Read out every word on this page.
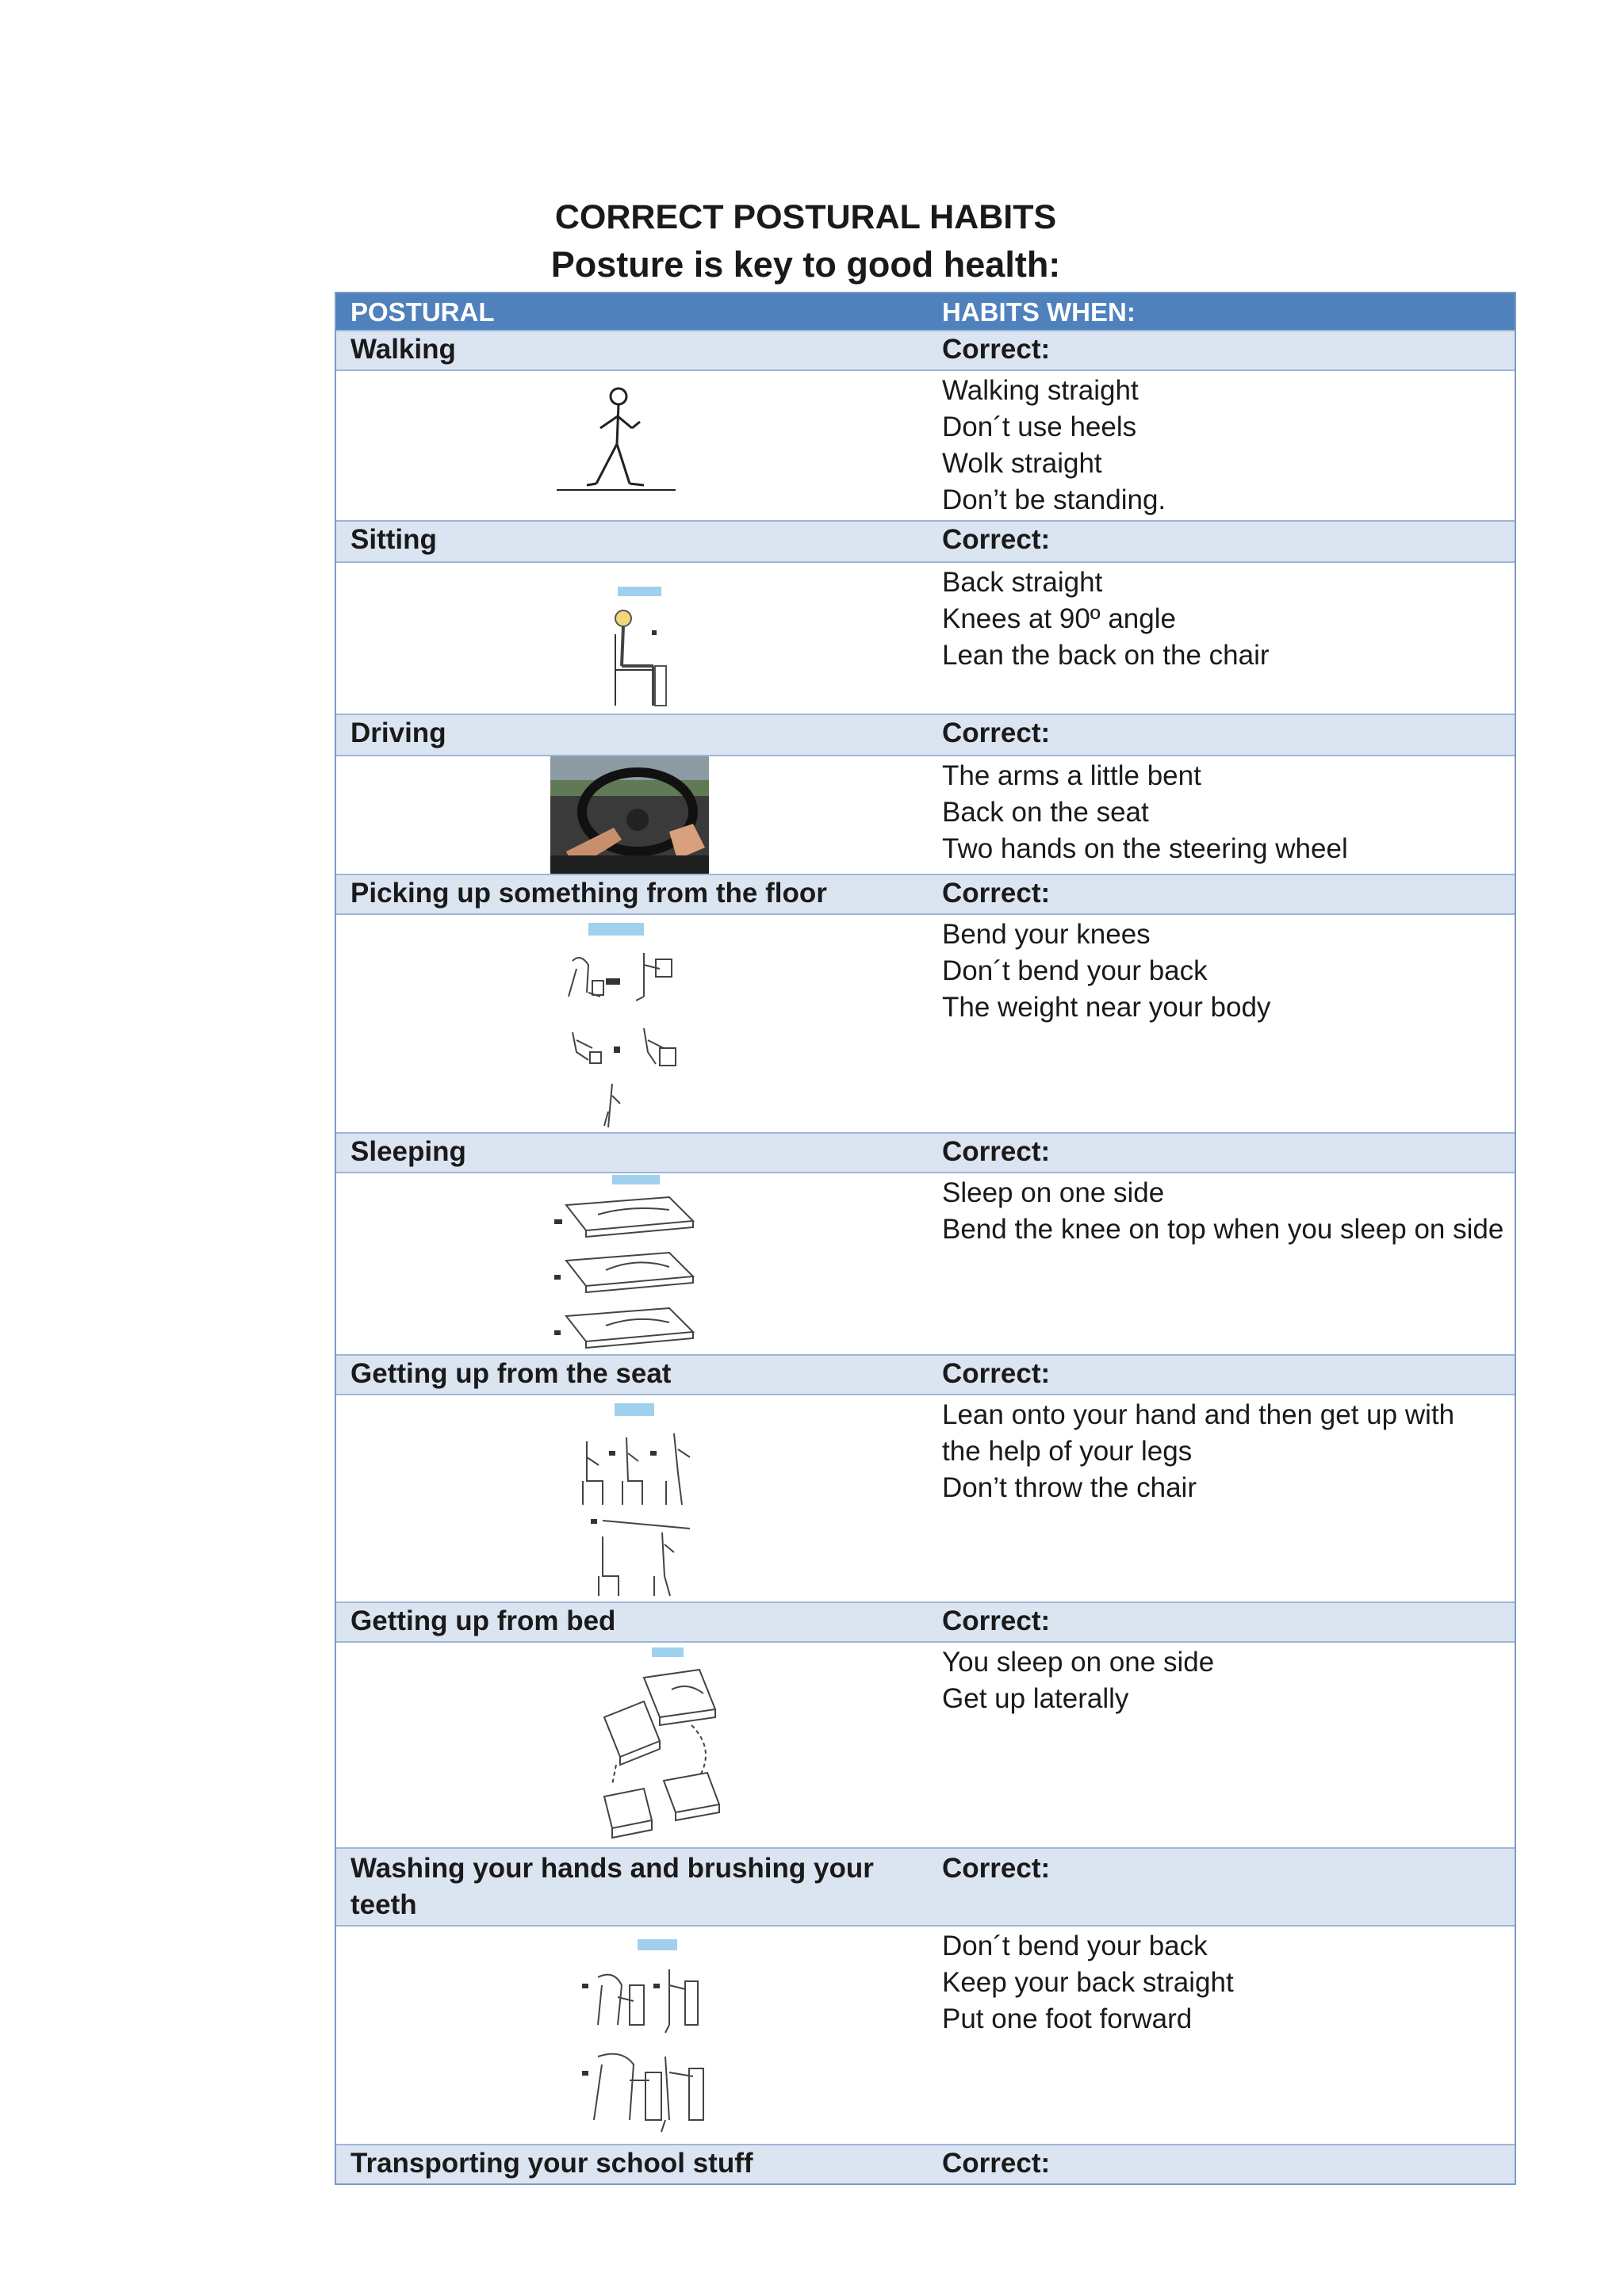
CORRECT POSTURAL HABITS
Posture is key to good health:
POSTURAL	HABITS WHEN:
Walking	Correct:
Walking straight
Don´t use heels
Wolk straight
Don’t be standing.
Sitting	Correct:
Back straight
Knees at 90º angle
Lean the back on the chair
Driving	Correct:
The arms a little bent
Back on the seat
Two hands on the steering wheel
Picking up something from the floor	Correct:
Bend your knees
Don´t bend your back
The weight near your body
Sleeping	Correct:
Sleep on one side
Bend the knee on top when you sleep on side
Getting up from the seat	Correct:
Lean onto your hand and then get up with
the help of your legs
Don’t throw the chair
Getting up from bed	Correct:
You sleep on one side
Get up laterally
Washing your hands and brushing your
teeth
Correct:
Don´t bend your back
Keep your back straight
Put one foot forward
Transporting your school stuff	Correct:
